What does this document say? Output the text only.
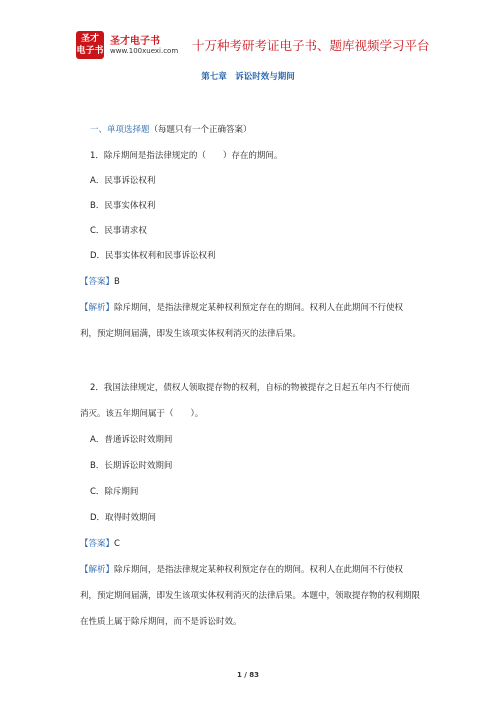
圣才
电子书
圣才电子书
www.100xuexi.com 十万种考研考证电子书、题库视频学习平台
第七章　诉讼时效与期间
一、单项选择题（每题只有一个正确答案）
1．除斥期间是指法律规定的（　　）存在的期间。
A．民事诉讼权利
B．民事实体权利
C．民事请求权
D．民事实体权利和民事诉讼权利
【答案】B
【解析】除斥期间，是指法律规定某种权利预定存在的期间。权利人在此期间不行使权
利，预定期间届满，即发生该项实体权利消灭的法律后果。
2．我国法律规定，债权人领取提存物的权利，自标的物被提存之日起五年内不行使而
消灭。该五年期间属于（　　）。
A．普通诉讼时效期间
B．长期诉讼时效期间
C．除斥期间
D．取得时效期间
【答案】C
【解析】除斥期间，是指法律规定某种权利预定存在的期间。权利人在此期间不行使权
利，预定期间届满，即发生该项实体权利消灭的法律后果。本题中，领取提存物的权利期限
在性质上属于除斥期间，而不是诉讼时效。
1 / 83
